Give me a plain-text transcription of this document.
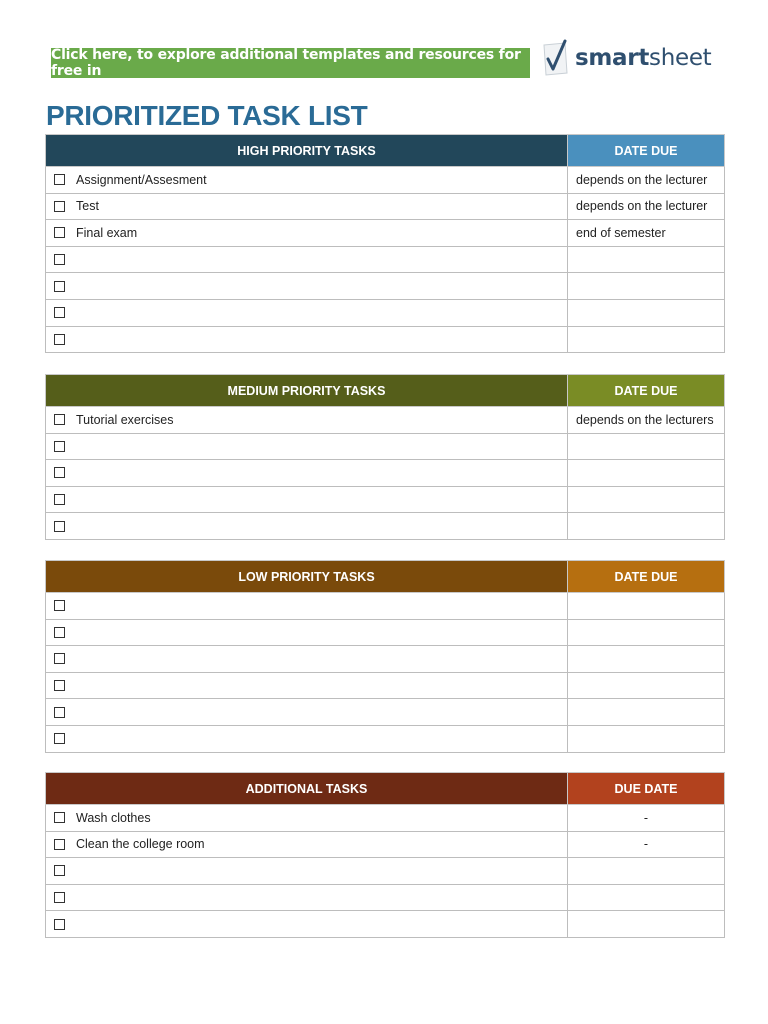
Click here, to explore additional templates and resources for free in	smartsheet
PRIORITIZED TASK LIST
HIGH PRIORITY TASKS	DATE DUE

Assignment/Assesment	depends on the lecturer

Test	depends on the lecturer

Final exam	end of semester

MEDIUM PRIORITY TASKS	DATE DUE

Tutorial exercises	depends on the lecturers

LOW PRIORITY TASKS	DATE DUE

ADDITIONAL TASKS	DUE DATE

Wash clothes	-

Clean the college room	-
